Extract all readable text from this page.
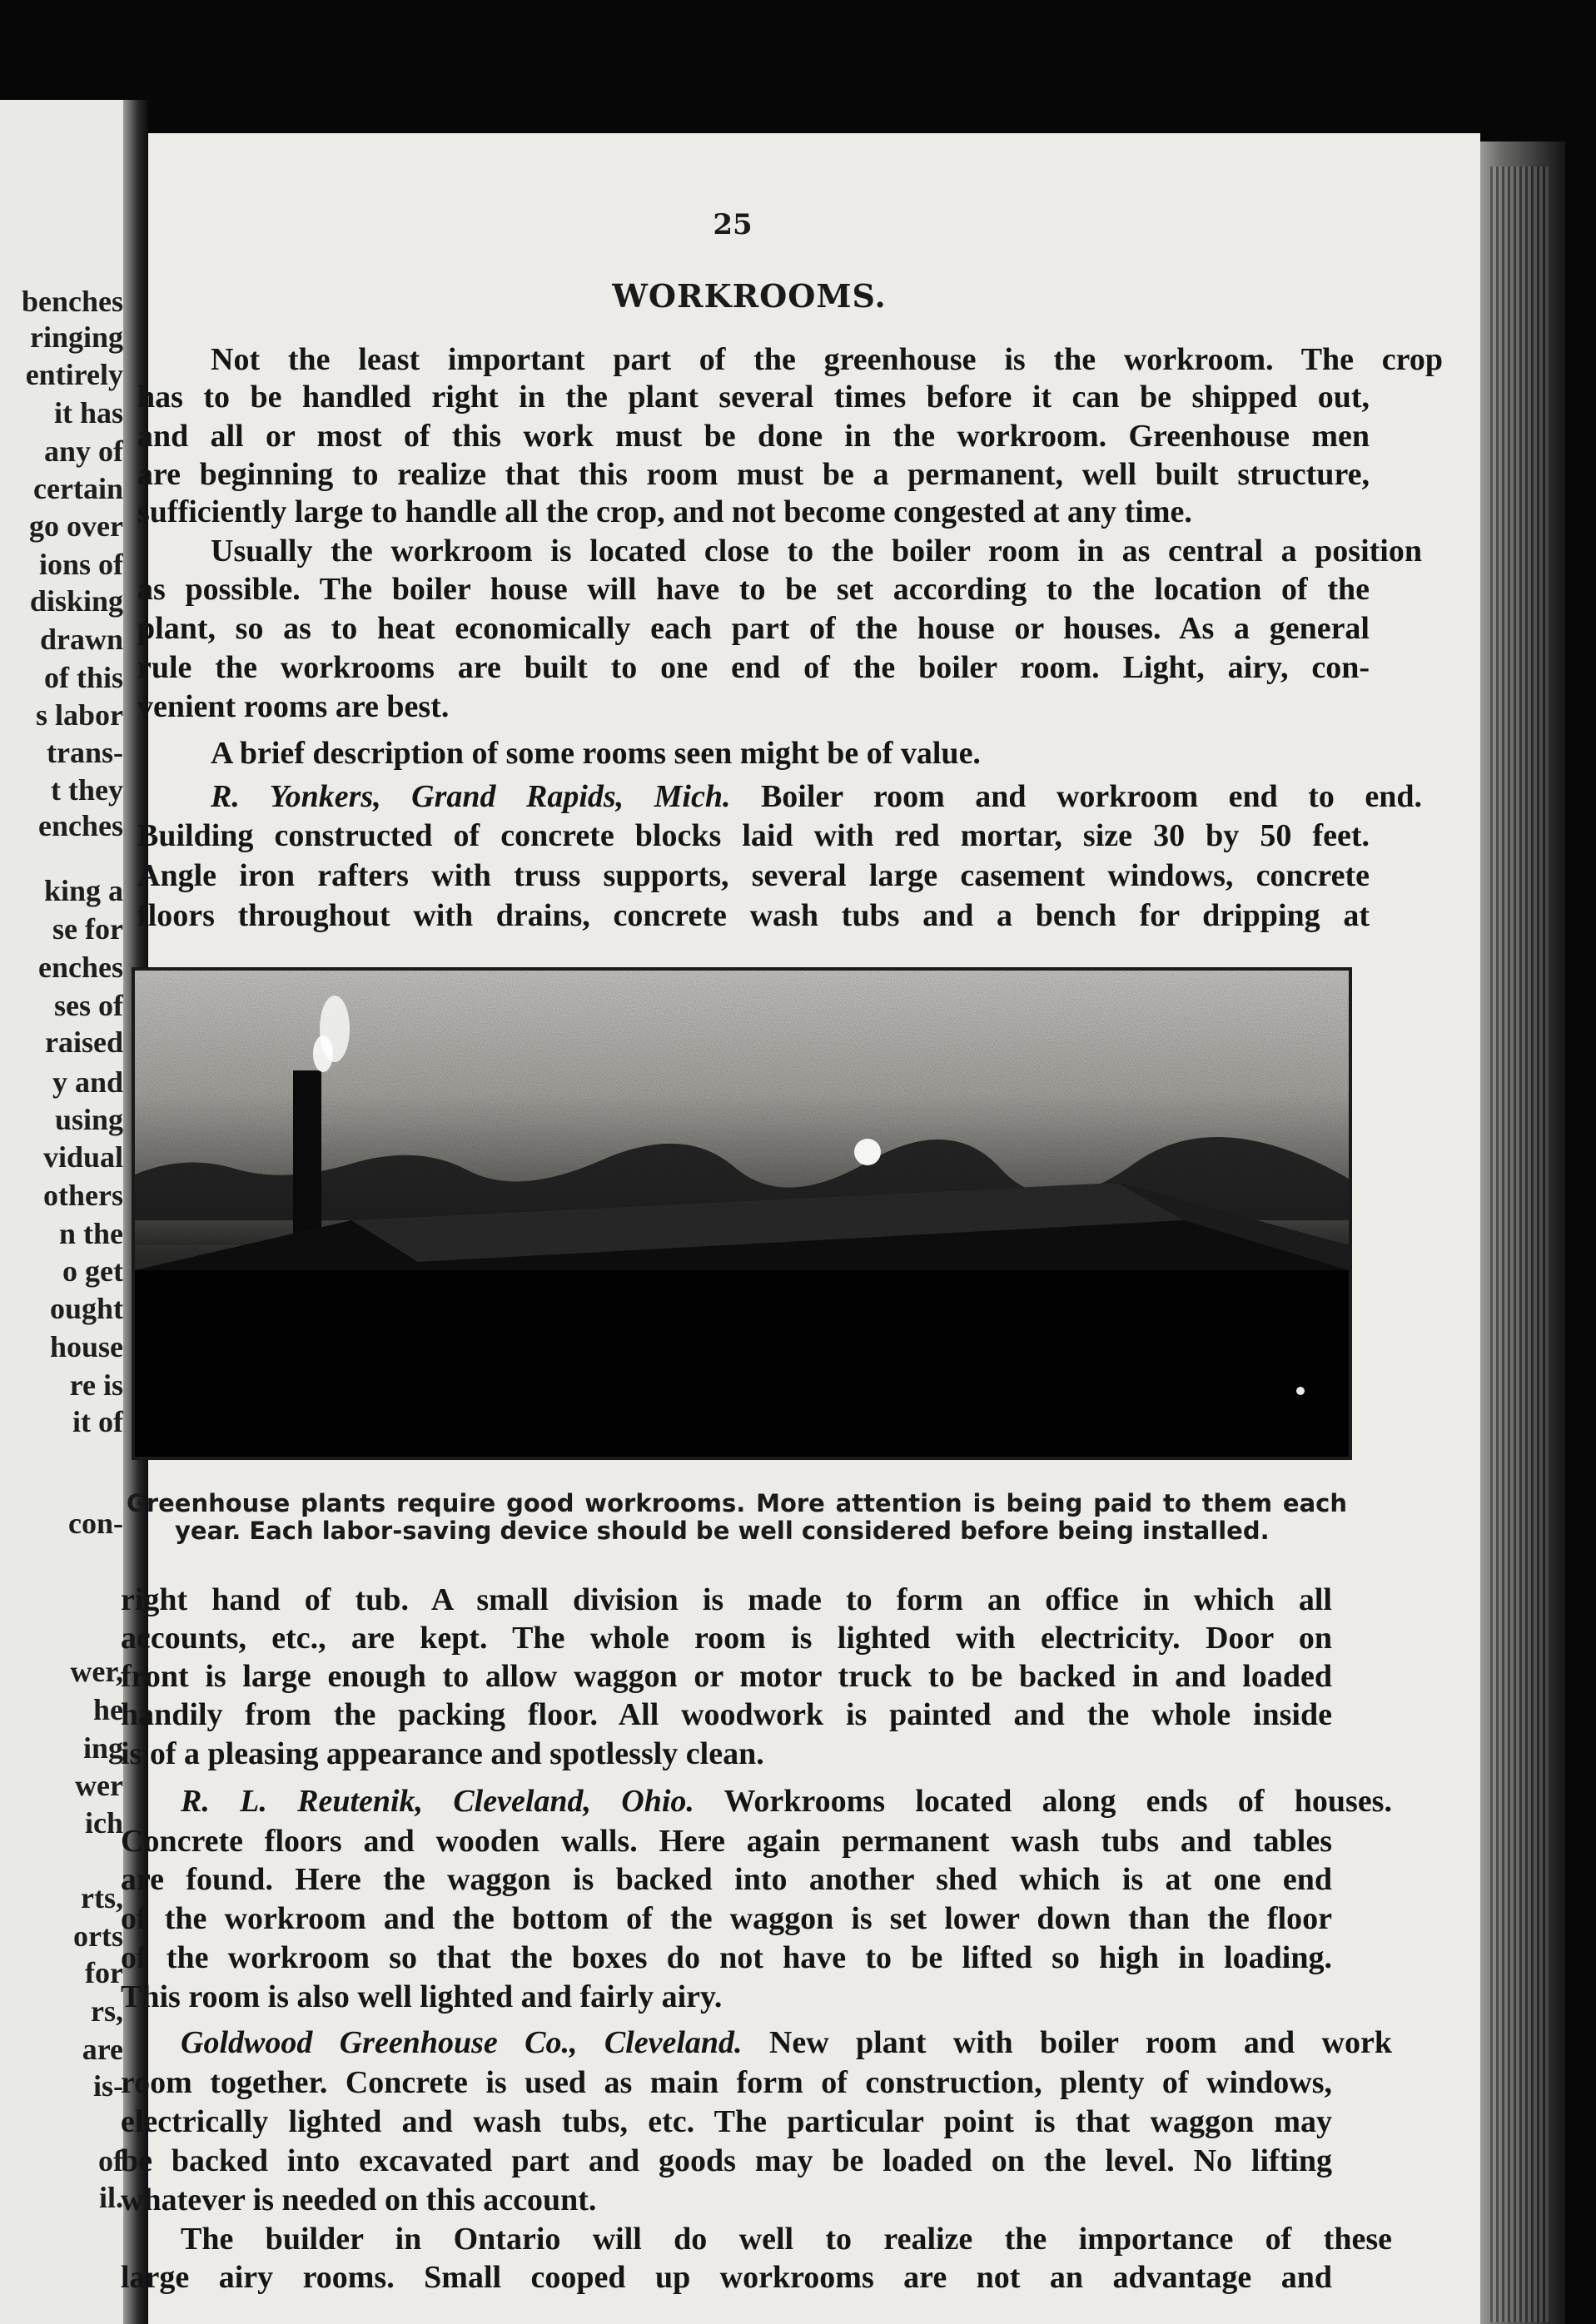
benches
ringing
entirely
it has
any of
certain
go over
ions of
disking
drawn
of this
s labor
trans-
t they
enches
king a
se for
enches
ses of
raised
y and
using
vidual
others
n the
o get
ought
house
re is
it of
con-
wer,
he
ing
wer
ich
rts,
orts
for
rs,
are
is-
of
il.
25
WORKROOMS.
Not the least important part of the greenhouse is the workroom. The crop
has to be handled right in the plant several times before it can be shipped out,
and all or most of this work must be done in the workroom. Greenhouse men
are beginning to realize that this room must be a permanent, well built structure,
sufficiently large to handle all the crop, and not become congested at any time.
Usually the workroom is located close to the boiler room in as central a position
as possible. The boiler house will have to be set according to the location of the
plant, so as to heat economically each part of the house or houses. As a general
rule the workrooms are built to one end of the boiler room. Light, airy, con-
venient rooms are best.
A brief description of some rooms seen might be of value.
R. Yonkers, Grand Rapids, Mich. Boiler room and workroom end to end.
Building constructed of concrete blocks laid with red mortar, size 30 by 50 feet.
Angle iron rafters with truss supports, several large casement windows, concrete
floors throughout with drains, concrete wash tubs and a bench for dripping at
Greenhouse plants require good workrooms. More attention is being paid to them each
year. Each labor-saving device should be well considered before being installed.
right hand of tub. A small division is made to form an office in which all
accounts, etc., are kept. The whole room is lighted with electricity. Door on
front is large enough to allow waggon or motor truck to be backed in and loaded
handily from the packing floor. All woodwork is painted and the whole inside
is of a pleasing appearance and spotlessly clean.
R. L. Reutenik, Cleveland, Ohio. Workrooms located along ends of houses.
Concrete floors and wooden walls. Here again permanent wash tubs and tables
are found. Here the waggon is backed into another shed which is at one end
of the workroom and the bottom of the waggon is set lower down than the floor
of the workroom so that the boxes do not have to be lifted so high in loading.
This room is also well lighted and fairly airy.
Goldwood Greenhouse Co., Cleveland. New plant with boiler room and work
room together. Concrete is used as main form of construction, plenty of windows,
electrically lighted and wash tubs, etc. The particular point is that waggon may
be backed into excavated part and goods may be loaded on the level. No lifting
whatever is needed on this account.
The builder in Ontario will do well to realize the importance of these
large airy rooms. Small cooped up workrooms are not an advantage and
